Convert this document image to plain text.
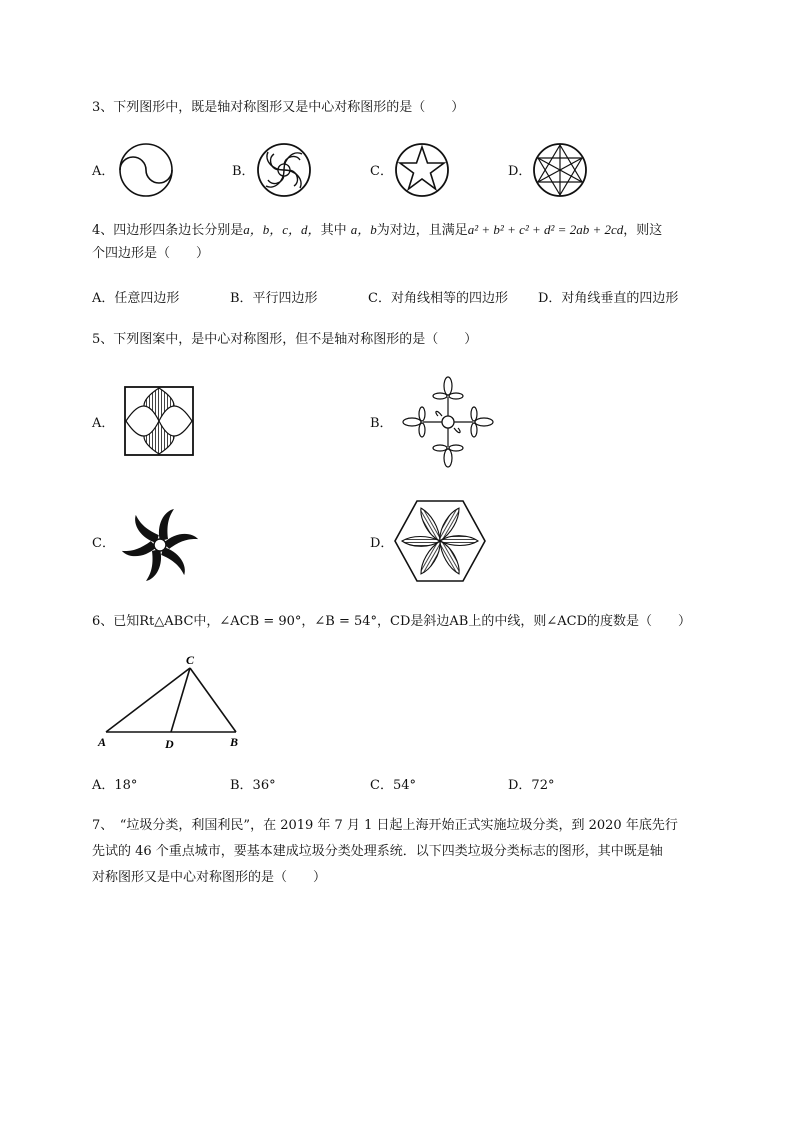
3、下列图形中，既是轴对称图形又是中心对称图形的是（　　）
A．	B．	C．	D．
4、四边形四条边长分别是a，b，c，d，其中 a，b为对边，且满足a² + b² + c² + d² = 2ab + 2cd，则这
个四边形是（　　）
A．任意四边形	B．平行四边形	C．对角线相等的四边形 D．对角线垂直的四边形
5、下列图案中，是中心对称图形，但不是轴对称图形的是（　　）
A．	B．
C．	D．
6、已知Rt△ABC中，∠ACB = 90°，∠B = 54°，CD是斜边AB上的中线，则∠ACD的度数是（　　）
C
A	D	B
A．18°	B．36°	C．54°	D．72°
7、　“垃圾分类，利国利民”，在 2019 年 7 月 1 日起上海开始正式实施垃圾分类，到 2020 年底先行
先试的 46 个重点城市，要基本建成垃圾分类处理系统．以下四类垃圾分类标志的图形，其中既是轴
对称图形又是中心对称图形的是（　　）
